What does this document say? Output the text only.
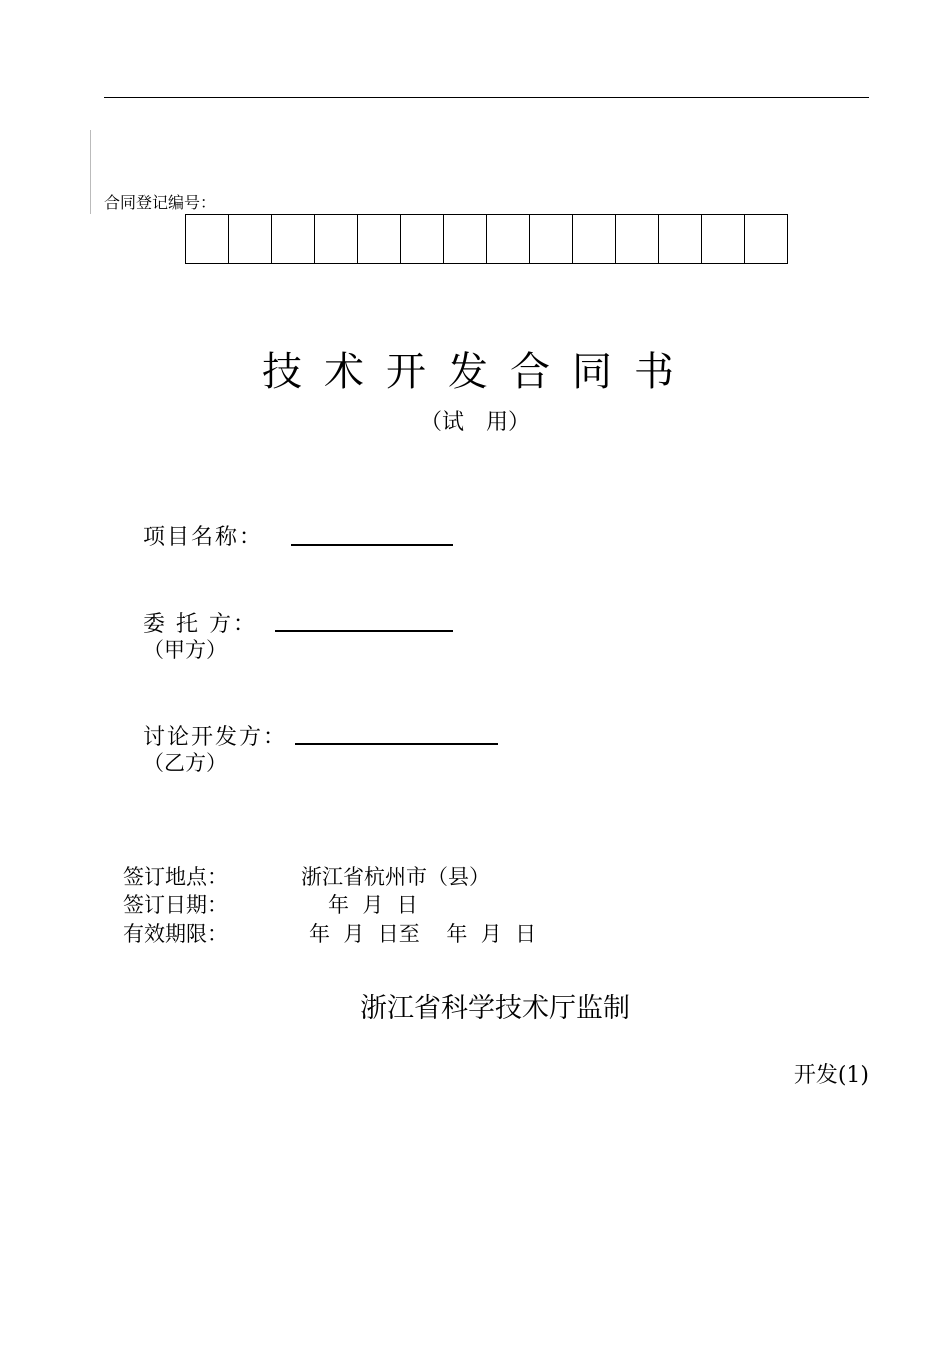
合同登记编号：
技术开发合同书
（试　用）
项目名称：
委 托 方：
（甲方）
讨论开发方：
（乙方）
签订地点：	浙江省杭州市（县）
签订日期：	年  月  日
有效期限：	年  月  日至    年  月  日
浙江省科学技术厅监制
开发(1)
